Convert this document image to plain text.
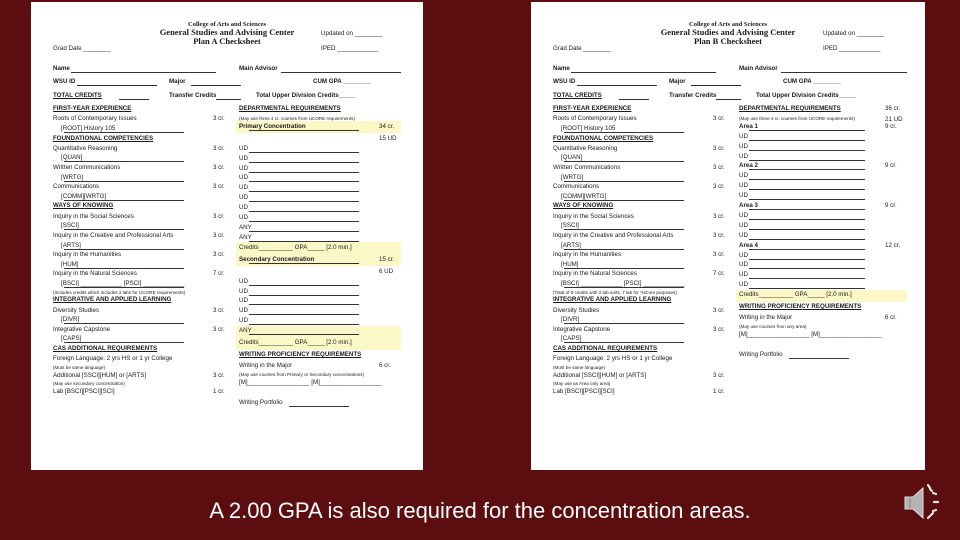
College of Arts and Sciences
General Studies and Advising Center
Plan A Checksheet
Updated on ________
Grad Date ________	IPED ____________
Name	Main Advisor
WSU ID	Major	CUM GPA ________
TOTAL CREDITS	Transfer Credits	Total Upper Division Credits_____
FIRST-YEAR EXPERIENCE
Roots of Contemporary Issues	3 cr.
[ROOT] History 105
FOUNDATIONAL COMPETENCIES
Quantitative Reasoning	3 cr.
[QUAN]
Written Communications	3 cr.
[WRTG]
Communications	3 cr.
[COMM][WRTG]
WAYS OF KNOWING
Inquiry in the Social Sciences	3 cr.
[SSCI]
Inquiry in the Creative and Professional Arts	3 cr.
[ARTS]
Inquiry in the Humanities	3 cr.
[HUM]
Inquiry in the Natural Sciences	7 cr.
[BSCI] ____________ [PSCI] ____________
(Includes credits which includes 2 labs for UCORE requirements)
INTEGRATIVE AND APPLIED LEARNING
Diversity Studies	3 cr.
[DIVR]
Integrative Capstone	3 cr.
[CAPS]
CAS ADDITIONAL REQUIREMENTS
Foreign Language: 2 yrs HS or 1 yr College
(Must be same language)
Additional [SSCI][HUM] or [ARTS]	3 cr.
(May use secondary concentration)
Lab [BSCI][PSCI][SCI]	1 cr.
DEPARTMENTAL REQUIREMENTS
(May use three 4 cr. courses from UCORE requirements)
Primary Concentration	34 cr.
15 UD
UD
UD
UD
UD
UD
UD
UD
UD
ANY
ANY
Credits__________ GPA_____ [2.0 min.]
Secondary Concentration	15 cr.
6 UD
UD
UD
UD
UD
UD
ANY
Credits__________ GPA_____ [2.0 min.]
WRITING PROFICIENCY REQUIREMENTS
Writing in the Major	6 cr.
(May use courses from Primary or Secondary concentrations)
[M]__________________ [M]__________________
Writing Portfolio
College of Arts and Sciences
General Studies and Advising Center
Plan B Checksheet
Updated on ________
Grad Date ________	IPED ____________
Name	Main Advisor
WSU ID	Major	CUM GPA ________
TOTAL CREDITS	Transfer Credits	Total Upper Division Credits_____
FIRST-YEAR EXPERIENCE
Roots of Contemporary Issues	3 cr.
[ROOT] History 105
FOUNDATIONAL COMPETENCIES
Quantitative Reasoning	3 cr.
[QUAN]
Written Communications	3 cr.
[WRTG]
Communications	3 cr.
[COMM][WRTG]
WAYS OF KNOWING
Inquiry in the Social Sciences	3 cr.
[SSCI]
Inquiry in the Creative and Professional Arts	3 cr.
[ARTS]
Inquiry in the Humanities	3 cr.
[HUM]
Inquiry in the Natural Sciences	7 cr.
[BSCI] ____________ [PSCI] ____________
(Total of 8 credits with 2 lab units, 7 lab for *UCore purposes)
INTEGRATIVE AND APPLIED LEARNING
Diversity Studies	3 cr.
[DIVR]
Integrative Capstone	3 cr.
[CAPS]
CAS ADDITIONAL REQUIREMENTS
Foreign Language: 2 yrs HS or 1 yr College
(Must be same language)
Additional [SSCI][HUM] or [ARTS]	3 cr.
(May use as Area only area)
Lab [BSCI][PSCI][SCI]	1 cr.
DEPARTMENTAL REQUIREMENTS	36 cr.
(May use three 4 cr. courses from UCORE requirements)	21 UD
Area 1	9 cr.
UD
UD
UD
Area 2	9 cr.
UD
UD
UD
Area 3	9 cr.
UD
UD
UD
Area 4	12 cr.
UD
UD
UD
UD
Credits__________ GPA_____ [2.0 min.]
WRITING PROFICIENCY REQUIREMENTS
Writing in the Major	6 cr.
(May use courses from any area)
[M]__________________ [M]__________________
Writing Portfolio
A 2.00 GPA is also required for the concentration areas.
